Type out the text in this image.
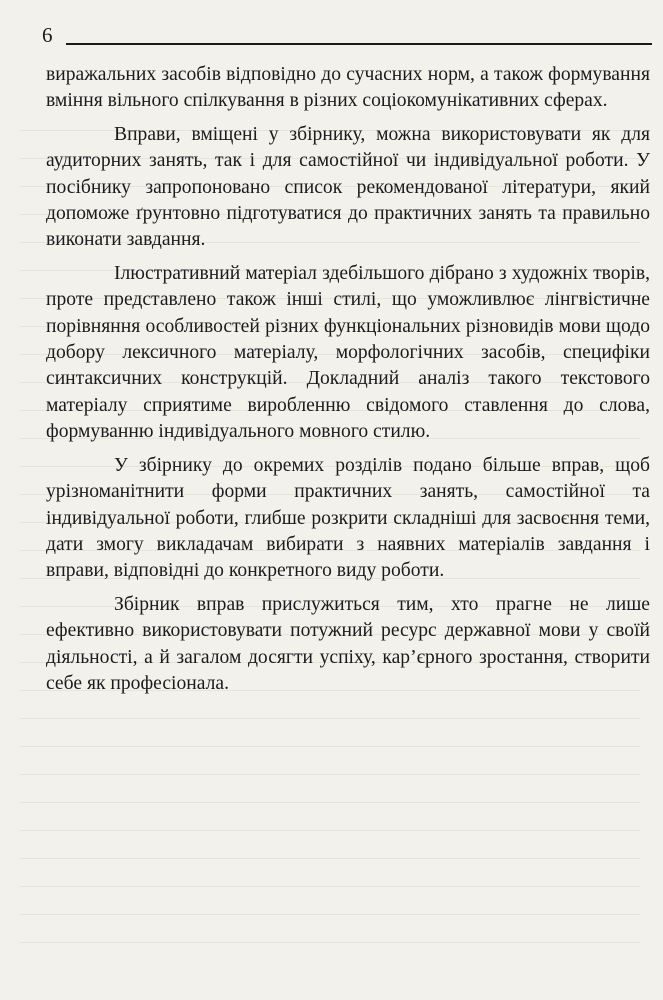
6

виражальних засобів відповідно до сучасних норм, а також формування вміння вільного спілкування в різних соціокомунікативних сферах.

Вправи, вміщені у збірнику, можна використовувати як для аудиторних занять, так і для самостійної чи індивідуальної роботи. У посібнику запропоновано список рекомендованої літератури, який допоможе ґрунтовно підготуватися до практичних занять та правильно виконати завдання.

Ілюстративний матеріал здебільшого дібрано з художніх творів, проте представлено також інші стилі, що уможливлює лінгвістичне порівняння особливостей різних функціональних різновидів мови щодо добору лексичного матеріалу, морфологічних засобів, специфіки синтаксичних конструкцій. Докладний аналіз такого текстового матеріалу сприятиме виробленню свідомого ставлення до слова, формуванню індивідуального мовного стилю.

У збірнику до окремих розділів подано більше вправ, щоб урізноманітнити форми практичних занять, самостійної та індивідуальної роботи, глибше розкрити складніші для засвоєння теми, дати змогу викладачам вибирати з наявних матеріалів завдання і вправи, відповідні до конкретного виду роботи.

Збірник вправ прислужиться тим, хто прагне не лише ефективно використовувати потужний ресурс державної мови у своїй діяльності, а й загалом досягти успіху, кар’єрного зростання, створити себе як професіонала.
